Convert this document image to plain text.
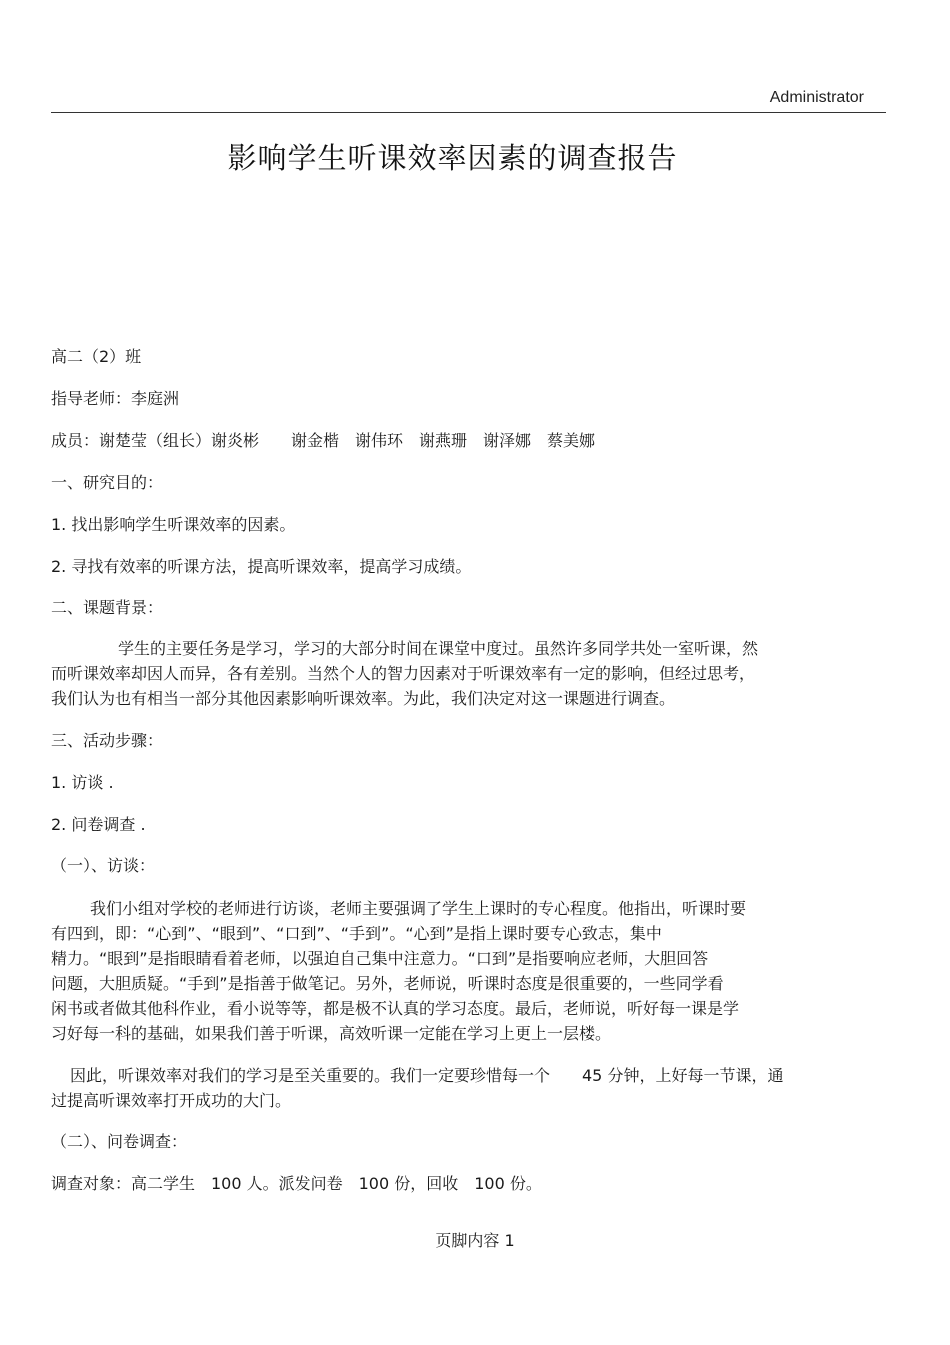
Administrator
影响学生听课效率因素的调查报告
高二（2）班
指导老师：李庭洲
成员：谢楚莹（组长）谢炎彬　　谢金楷　谢伟环　谢燕珊　谢泽娜　蔡美娜
一、研究目的：
1. 找出影响学生听课效率的因素。
2. 寻找有效率的听课方法，提高听课效率，提高学习成绩。
二、课题背景：
学生的主要任务是学习，学习的大部分时间在课堂中度过。虽然许多同学共处一室听课，然
而听课效率却因人而异，各有差别。当然个人的智力因素对于听课效率有一定的影响，但经过思考，
我们认为也有相当一部分其他因素影响听课效率。为此，我们决定对这一课题进行调查。
三、活动步骤：
1. 访谈 .
2. 问卷调查 .
（一）、访谈：
我们小组对学校的老师进行访谈，老师主要强调了学生上课时的专心程度。他指出，听课时要
有四到，即：“心到”、“眼到”、“口到”、“手到”。“心到”是指上课时要专心致志，集中
精力。“眼到”是指眼睛看着老师，以强迫自己集中注意力。“口到”是指要响应老师，大胆回答
问题，大胆质疑。“手到”是指善于做笔记。另外，老师说，听课时态度是很重要的，一些同学看
闲书或者做其他科作业，看小说等等，都是极不认真的学习态度。最后，老师说，听好每一课是学
习好每一科的基础，如果我们善于听课，高效听课一定能在学习上更上一层楼。
因此，听课效率对我们的学习是至关重要的。我们一定要珍惜每一个　　45 分钟，上好每一节课，通
过提高听课效率打开成功的大门。
（二）、问卷调查：
调查对象：高二学生　100 人。派发问卷　100 份，回收　100 份。
页脚内容 1
